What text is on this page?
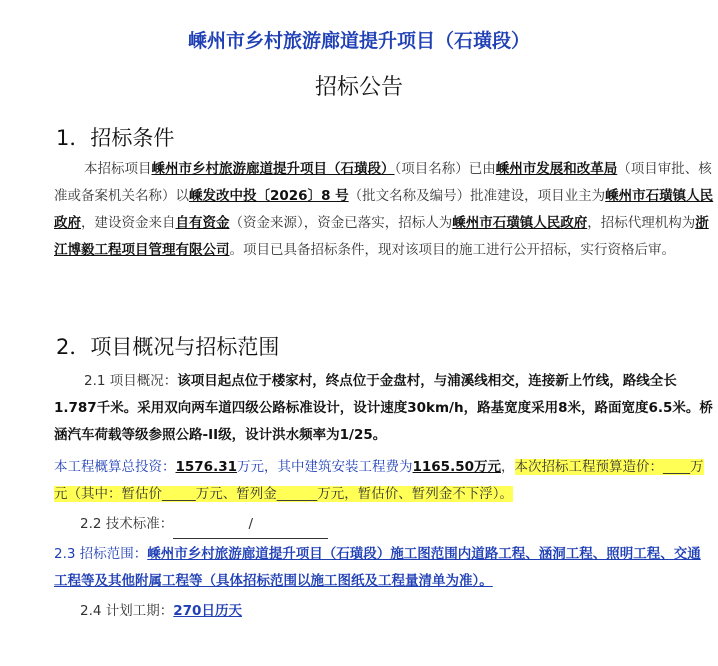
嵊州市乡村旅游廊道提升项目（石璜段）
招标公告
1．招标条件
本招标项目嵊州市乡村旅游廊道提升项目（石璜段）（项目名称）已由嵊州市发展和改革局（项目审批、核准或备案机关名称）以嵊发改中投〔2026〕8 号（批文名称及编号）批准建设，项目业主为嵊州市石璜镇人民政府，建设资金来自自有资金（资金来源），资金已落实，招标人为嵊州市石璜镇人民政府，招标代理机构为浙江博毅工程项目管理有限公司。项目已具备招标条件，现对该项目的施工进行公开招标，实行资格后审。
2．项目概况与招标范围
2.1 项目概况：该项目起点位于楼家村，终点位于金盘村，与浦溪线相交，连接新上竹线，路线全长1.787千米。采用双向两车道四级公路标准设计，设计速度30km/h，路基宽度采用8米，路面宽度6.5米。桥涵汽车荷载等级参照公路-II级，设计洪水频率为1/25。
本工程概算总投资：1576.31万元，其中建筑安装工程费为1165.50万元，本次招标工程预算造价：____万元（其中：暂估价_____万元、暂列金______万元，暂估价、暂列金不下浮）。
2.2 技术标准：	/
2.3 招标范围：嵊州市乡村旅游廊道提升项目（石璜段）施工图范围内道路工程、涵洞工程、照明工程、交通工程等及其他附属工程等（具体招标范围以施工图纸及工程量清单为准）。
2.4 计划工期：270日历天
